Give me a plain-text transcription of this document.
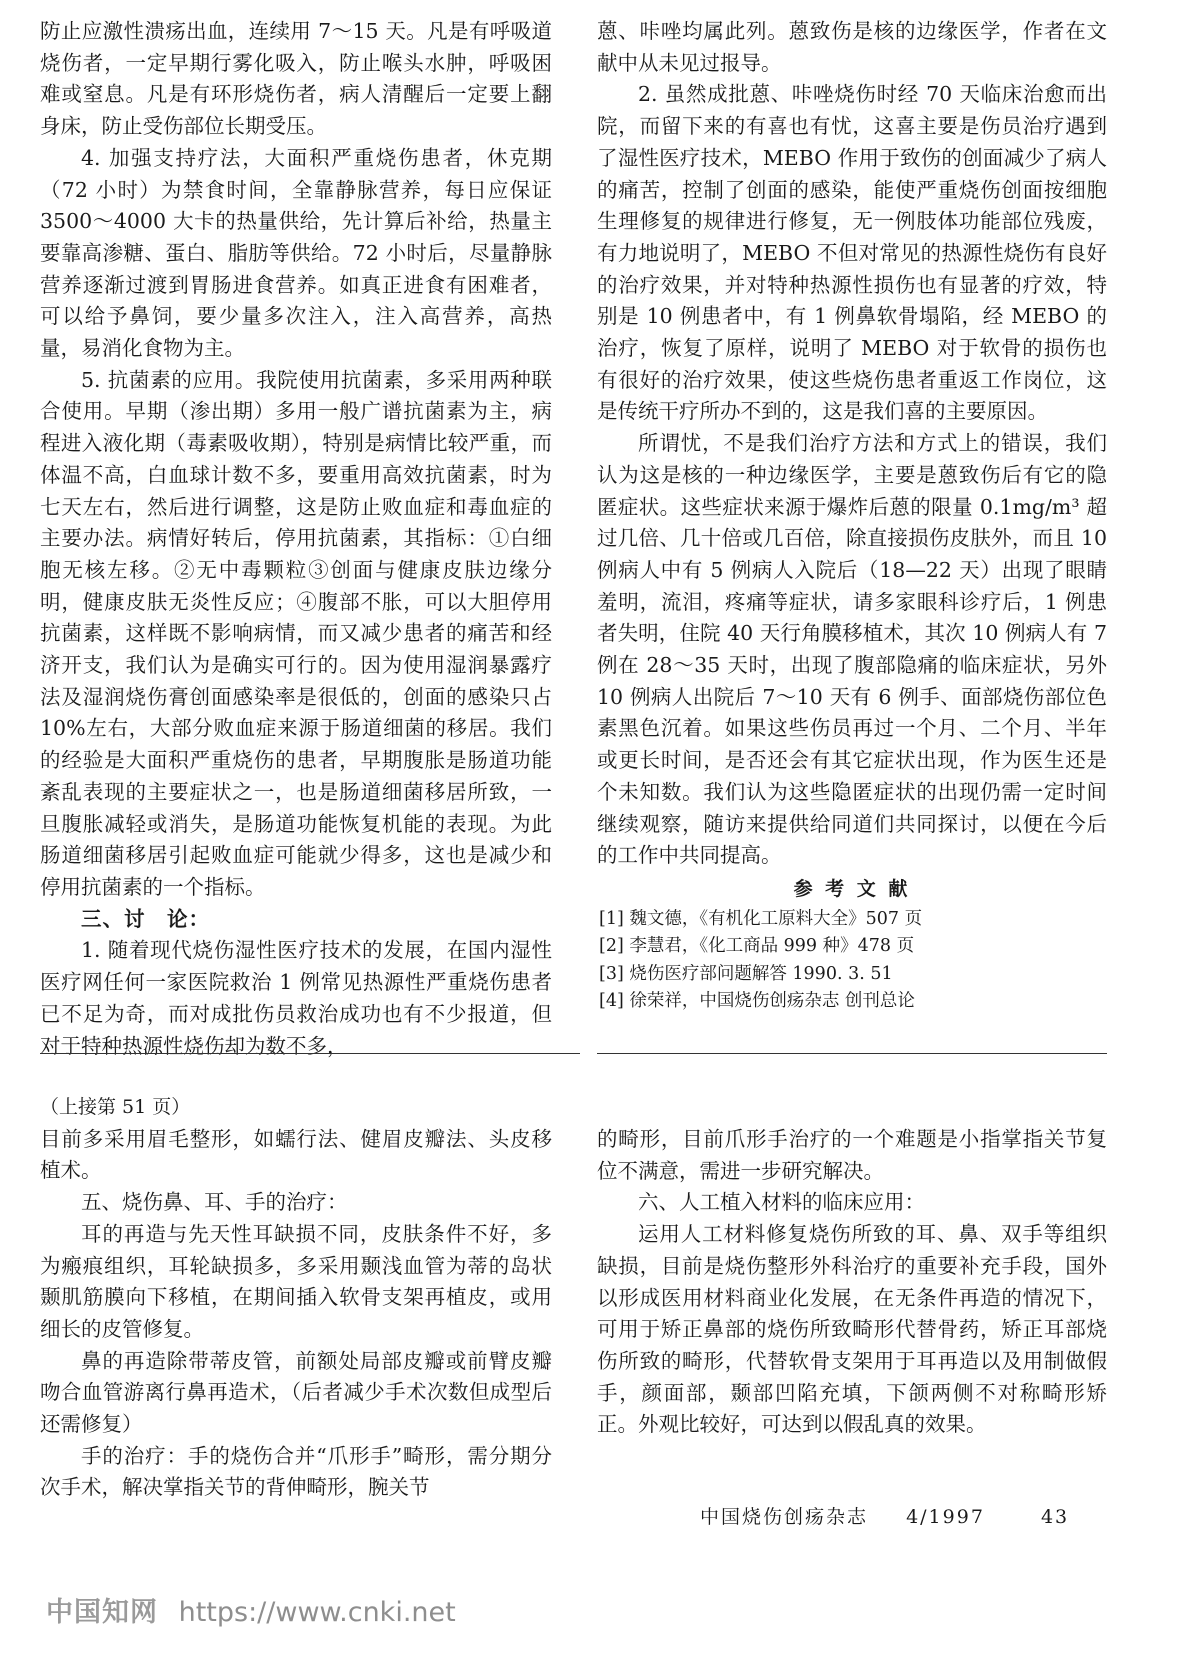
防止应激性溃疡出血，连续用 7～15 天。凡是有呼吸道烧伤者，一定早期行雾化吸入，防止喉头水肿，呼吸困难或窒息。凡是有环形烧伤者，病人清醒后一定要上翻身床，防止受伤部位长期受压。

4. 加强支持疗法，大面积严重烧伤患者，休克期（72 小时）为禁食时间，全靠静脉营养，每日应保证 3500～4000 大卡的热量供给，先计算后补给，热量主要靠高渗糖、蛋白、脂肪等供给。72 小时后，尽量静脉营养逐渐过渡到胃肠进食营养。如真正进食有困难者，可以给予鼻饲，要少量多次注入，注入高营养，高热量，易消化食物为主。

5. 抗菌素的应用。我院使用抗菌素，多采用两种联合使用。早期（渗出期）多用一般广谱抗菌素为主，病程进入液化期（毒素吸收期），特别是病情比较严重，而体温不高，白血球计数不多，要重用高效抗菌素，时为七天左右，然后进行调整，这是防止败血症和毒血症的主要办法。病情好转后，停用抗菌素，其指标：①白细胞无核左移。②无中毒颗粒③创面与健康皮肤边缘分明，健康皮肤无炎性反应；④腹部不胀，可以大胆停用抗菌素，这样既不影响病情，而又减少患者的痛苦和经济开支，我们认为是确实可行的。因为使用湿润暴露疗法及湿润烧伤膏创面感染率是很低的，创面的感染只占 10%左右，大部分败血症来源于肠道细菌的移居。我们的经验是大面积严重烧伤的患者，早期腹胀是肠道功能紊乱表现的主要症状之一，也是肠道细菌移居所致，一旦腹胀减轻或消失，是肠道功能恢复机能的表现。为此肠道细菌移居引起败血症可能就少得多，这也是减少和停用抗菌素的一个指标。

三、讨　论：

1. 随着现代烧伤湿性医疗技术的发展，在国内湿性医疗网任何一家医院救治 1 例常见热源性严重烧伤患者已不足为奇，而对成批伤员救治成功也有不少报道，但对于特种热源性烧伤却为数不多，

蒽、咔唑均属此列。蒽致伤是核的边缘医学，作者在文献中从未见过报导。

2. 虽然成批蒽、咔唑烧伤时经 70 天临床治愈而出院，而留下来的有喜也有忧，这喜主要是伤员治疗遇到了湿性医疗技术，MEBO 作用于致伤的创面减少了病人的痛苦，控制了创面的感染，能使严重烧伤创面按细胞生理修复的规律进行修复，无一例肢体功能部位残废，有力地说明了，MEBO 不但对常见的热源性烧伤有良好的治疗效果，并对特种热源性损伤也有显著的疗效，特别是 10 例患者中，有 1 例鼻软骨塌陷，经 MEBO 的治疗，恢复了原样，说明了 MEBO 对于软骨的损伤也有很好的治疗效果，使这些烧伤患者重返工作岗位，这是传统干疗所办不到的，这是我们喜的主要原因。

所谓忧，不是我们治疗方法和方式上的错误，我们认为这是核的一种边缘医学，主要是蒽致伤后有它的隐匿症状。这些症状来源于爆炸后蒽的限量 0.1mg/m³ 超过几倍、几十倍或几百倍，除直接损伤皮肤外，而且 10 例病人中有 5 例病人入院后（18—22 天）出现了眼睛羞明，流泪，疼痛等症状，请多家眼科诊疗后，1 例患者失明，住院 40 天行角膜移植术，其次 10 例病人有 7 例在 28～35 天时，出现了腹部隐痛的临床症状，另外 10 例病人出院后 7～10 天有 6 例手、面部烧伤部位色素黑色沉着。如果这些伤员再过一个月、二个月、半年或更长时间，是否还会有其它症状出现，作为医生还是个未知数。我们认为这些隐匿症状的出现仍需一定时间继续观察，随访来提供给同道们共同探讨，以便在今后的工作中共同提高。

参 考 文 献

[1] 魏文德，《有机化工原料大全》507 页

[2] 李慧君，《化工商品 999 种》478 页

[3] 烧伤医疗部问题解答 1990. 3. 51

[4] 徐荣祥，中国烧伤创疡杂志 创刊总论

（上接第 51 页）

目前多采用眉毛整形，如蠕行法、健眉皮瓣法、头皮移植术。

五、烧伤鼻、耳、手的治疗：

耳的再造与先天性耳缺损不同，皮肤条件不好，多为瘢痕组织，耳轮缺损多，多采用颞浅血管为蒂的岛状颞肌筋膜向下移植，在期间插入软骨支架再植皮，或用细长的皮管修复。

鼻的再造除带蒂皮管，前额处局部皮瓣或前臂皮瓣吻合血管游离行鼻再造术，（后者减少手术次数但成型后还需修复）

手的治疗：手的烧伤合并“爪形手”畸形，需分期分次手术，解决掌指关节的背伸畸形，腕关节

的畸形，目前爪形手治疗的一个难题是小指掌指关节复位不满意，需进一步研究解决。

六、人工植入材料的临床应用：

运用人工材料修复烧伤所致的耳、鼻、双手等组织缺损，目前是烧伤整形外科治疗的重要补充手段，国外以形成医用材料商业化发展，在无条件再造的情况下，可用于矫正鼻部的烧伤所致畸形代替骨药，矫正耳部烧伤所致的畸形，代替软骨支架用于耳再造以及用制做假手，颜面部，颞部凹陷充填，下颌两侧不对称畸形矫正。外观比较好，可达到以假乱真的效果。

中国烧伤创疡杂志 4/1997	43
中国知网 https://www.cnki.net
